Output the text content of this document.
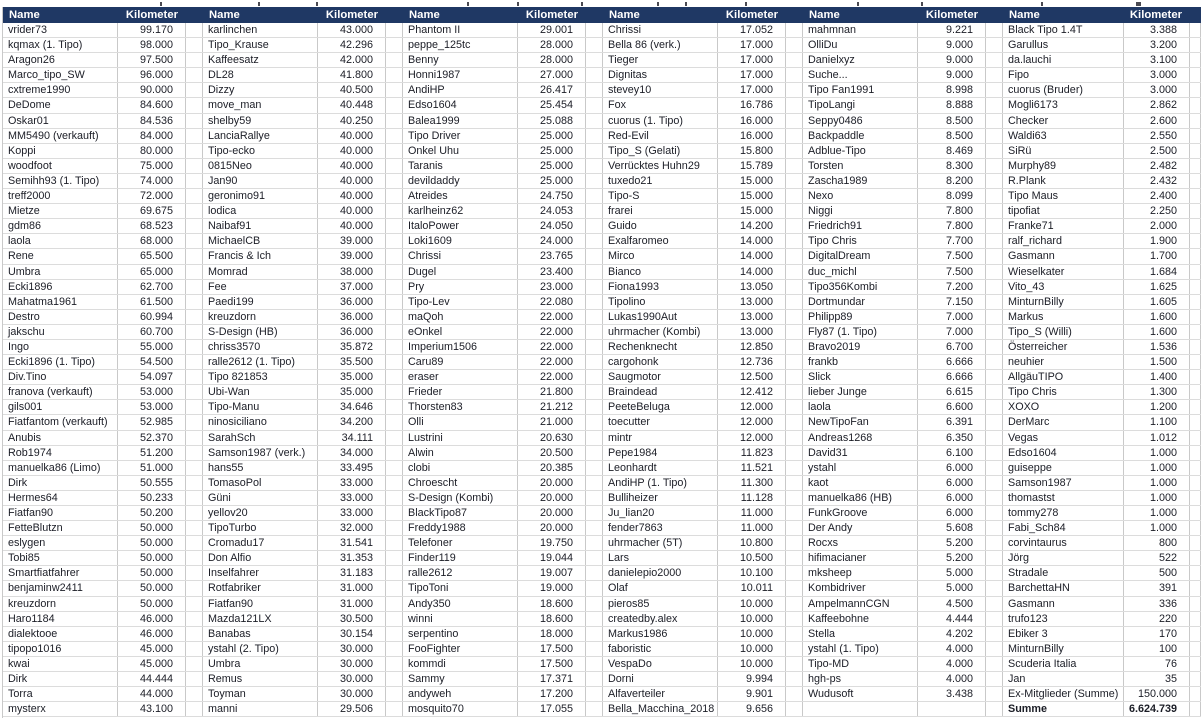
Name	Kilometer
vrider73	99.170
kqmax (1. Tipo)	98.000
Aragon26	97.500
Marco_tipo_SW	96.000
cxtreme1990	90.000
DeDome	84.600
Oskar01	84.536
MM5490 (verkauft)	84.000
Koppi	80.000
woodfoot	75.000
Semihh93 (1. Tipo)	74.000
treff2000	72.000
Mietze	69.675
gdm86	68.523
laola	68.000
Rene	65.500
Umbra	65.000
Ecki1896	62.700
Mahatma1961	61.500
Destro	60.994
jakschu	60.700
Ingo	55.000
Ecki1896 (1. Tipo)	54.500
Div.Tino	54.097
franova (verkauft)	53.000
gils001	53.000
Fiatfantom (verkauft)	52.985
Anubis	52.370
Rob1974	51.200
manuelka86 (Limo)	51.000
Dirk	50.555
Hermes64	50.233
Fiatfan90	50.200
FetteBlutzn	50.000
eslygen	50.000
Tobi85	50.000
Smartfiatfahrer	50.000
benjaminw2411	50.000
kreuzdorn	50.000
Haro1184	46.000
dialektooe	46.000
tipopo1016	45.000
kwai	45.000
Dirk	44.444
Torra	44.000
mysterx	43.100
Name	Kilometer
karlinchen	43.000
Tipo_Krause	42.296
Kaffeesatz	42.000
DL28	41.800
Dizzy	40.500
move_man	40.448
shelby59	40.250
LanciaRallye	40.000
Tipo-ecko	40.000
0815Neo	40.000
Jan90	40.000
geronimo91	40.000
lodica	40.000
Naibaf91	40.000
MichaelCB	39.000
Francis & Ich	39.000
Momrad	38.000
Fee	37.000
Paedi199	36.000
kreuzdorn	36.000
S-Design (HB)	36.000
chriss3570	35.872
ralle2612 (1. Tipo)	35.500
Tipo 821853	35.000
Ubi-Wan	35.000
Tipo-Manu	34.646
ninosiciliano	34.200
SarahSch	34.111
Samson1987 (verk.)	34.000
hans55	33.495
TomasoPol	33.000
Güni	33.000
yellov20	33.000
TipoTurbo	32.000
Cromadu17	31.541
Don Alfio	31.353
Inselfahrer	31.183
Rotfabriker	31.000
Fiatfan90	31.000
Mazda121LX	30.500
Banabas	30.154
ystahl (2. Tipo)	30.000
Umbra	30.000
Remus	30.000
Toyman	30.000
manni	29.506
Name	Kilometer
Phantom II	29.001
peppe_125tc	28.000
Benny	28.000
Honni1987	27.000
AndiHP	26.417
Edso1604	25.454
Balea1999	25.088
Tipo Driver	25.000
Onkel Uhu	25.000
Taranis	25.000
devildaddy	25.000
Atreides	24.750
karlheinz62	24.053
ItaloPower	24.050
Loki1609	24.000
Chrissi	23.765
Dugel	23.400
Pry	23.000
Tipo-Lev	22.080
maQoh	22.000
eOnkel	22.000
Imperium1506	22.000
Caru89	22.000
eraser	22.000
Frieder	21.800
Thorsten83	21.212
Olli	21.000
Lustrini	20.630
Alwin	20.500
clobi	20.385
Chroescht	20.000
S-Design (Kombi)	20.000
BlackTipo87	20.000
Freddy1988	20.000
Telefoner	19.750
Finder119	19.044
ralle2612	19.007
TipoToni	19.000
Andy350	18.600
winni	18.600
serpentino	18.000
FooFighter	17.500
kommdi	17.500
Sammy	17.371
andyweh	17.200
mosquito70	17.055
Name	Kilometer
Chrissi	17.052
Bella 86 (verk.)	17.000
Tieger	17.000
Dignitas	17.000
stevey10	17.000
Fox	16.786
cuorus (1. Tipo)	16.000
Red-Evil	16.000
Tipo_S (Gelati)	15.800
Verrücktes Huhn29	15.789
tuxedo21	15.000
Tipo-S	15.000
frarei	15.000
Guido	14.200
Exalfaromeo	14.000
Mirco	14.000
Bianco	14.000
Fiona1993	13.050
Tipolino	13.000
Lukas1990Aut	13.000
uhrmacher (Kombi)	13.000
Rechenknecht	12.850
cargohonk	12.736
Saugmotor	12.500
Braindead	12.412
PeeteBeluga	12.000
toecutter	12.000
mintr	12.000
Pepe1984	11.823
Leonhardt	11.521
AndiHP (1. Tipo)	11.300
Bulliheizer	11.128
Ju_lian20	11.000
fender7863	11.000
uhrmacher (5T)	10.800
Lars	10.500
danielepio2000	10.100
Olaf	10.011
pieros85	10.000
createdby.alex	10.000
Markus1986	10.000
faboristic	10.000
VespaDo	10.000
Dorni	9.994
Alfaverteiler	9.901
Bella_Macchina_2018	9.656
Name	Kilometer
mahmnan	9.221
OlliDu	9.000
Danielxyz	9.000
Suche...	9.000
Tipo Fan1991	8.998
TipoLangi	8.888
Seppy0486	8.500
Backpaddle	8.500
Adblue-Tipo	8.469
Torsten	8.300
Zascha1989	8.200
Nexo	8.099
Niggi	7.800
Friedrich91	7.800
Tipo Chris	7.700
DigitalDream	7.500
duc_michl	7.500
Tipo356Kombi	7.200
Dortmundar	7.150
Philipp89	7.000
Fly87 (1. Tipo)	7.000
Bravo2019	6.700
frankb	6.666
Slick	6.666
lieber Junge	6.615
laola	6.600
NewTipoFan	6.391
Andreas1268	6.350
David31	6.100
ystahl	6.000
kaot	6.000
manuelka86 (HB)	6.000
FunkGroove	6.000
Der Andy	5.608
Rocxs	5.200
hifimacianer	5.200
mksheep	5.000
Kombidriver	5.000
AmpelmannCGN	4.500
Kaffeebohne	4.444
Stella	4.202
ystahl (1. Tipo)	4.000
Tipo-MD	4.000
hgh-ps	4.000
Wudusoft	3.438
Name	Kilometer
Black Tipo 1.4T	3.388
Garullus	3.200
da.lauchi	3.100
Fipo	3.000
cuorus (Bruder)	3.000
Mogli6173	2.862
Checker	2.600
Waldi63	2.550
SiRü	2.500
Murphy89	2.482
R.Plank	2.432
Tipo Maus	2.400
tipofiat	2.250
Franke71	2.000
ralf_richard	1.900
Gasmann	1.700
Wieselkater	1.684
Vito_43	1.625
MinturnBilly	1.605
Markus	1.600
Tipo_S (Willi)	1.600
Österreicher	1.536
neuhier	1.500
AllgäuTIPO	1.400
Tipo Chris	1.300
XOXO	1.200
DerMarc	1.100
Vegas	1.012
Edso1604	1.000
guiseppe	1.000
Samson1987	1.000
thomastst	1.000
tommy278	1.000
Fabi_Sch84	1.000
corvintaurus	800
Jörg	522
Stradale	500
BarchettaHN	391
Gasmann	336
trufo123	220
Ebiker 3	170
MinturnBilly	100
Scuderia Italia	76
Jan	35
Ex-Mitglieder (Summe)	150.000
Summe	6.624.739
